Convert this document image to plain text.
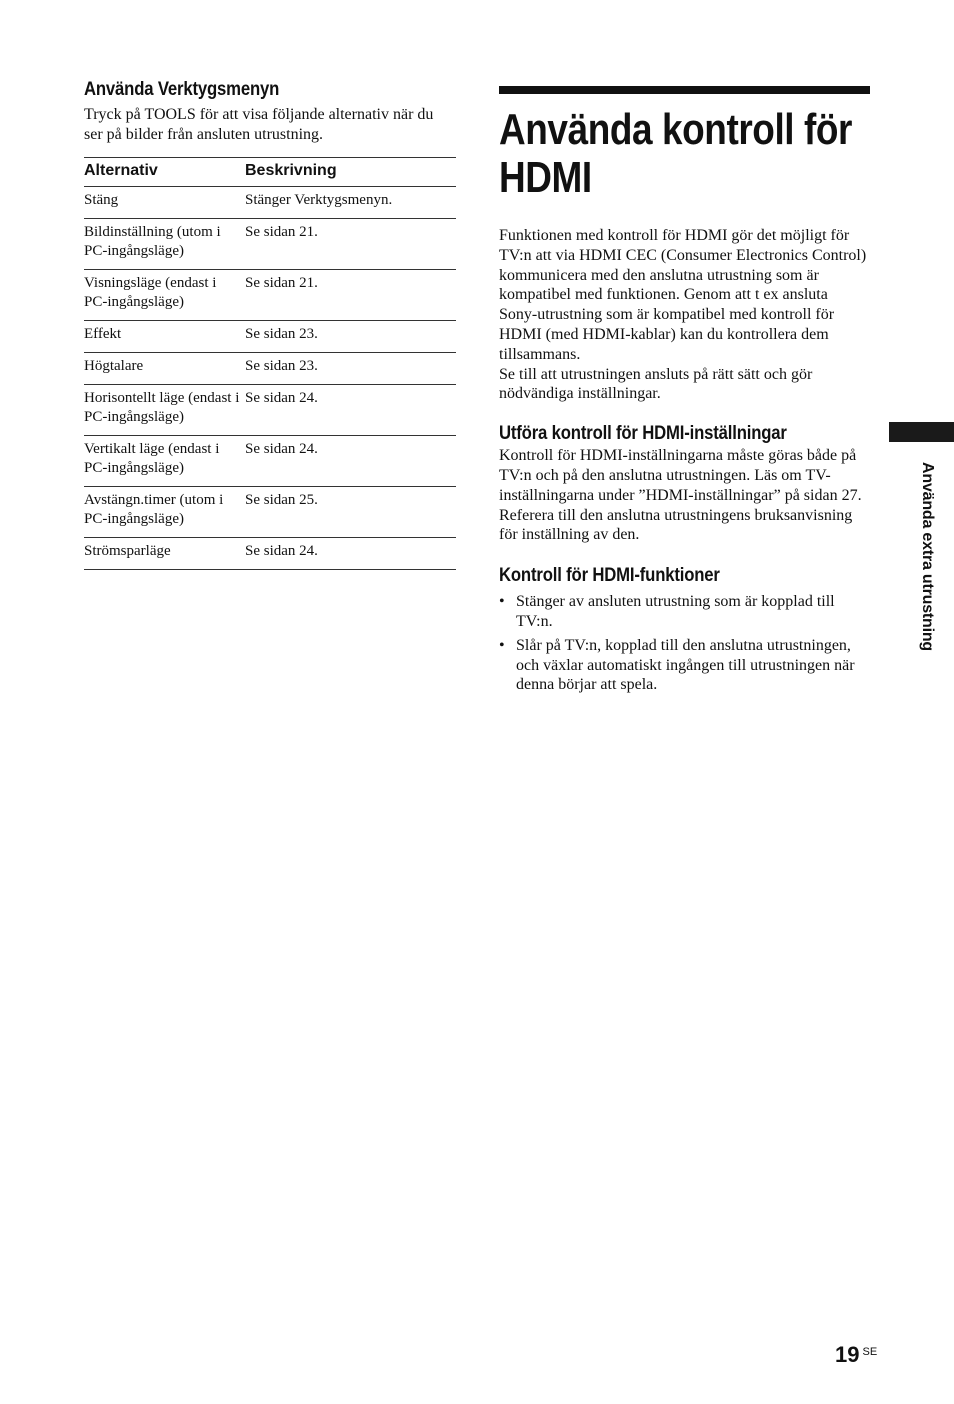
Använda Verktygsmenyn

Tryck på TOOLS för att visa följande alternativ när du ser på bilder från ansluten utrustning.

Alternativ	Beskrivning
Stäng	Stänger Verktygsmenyn.
Bildinställning (utom i PC-ingångsläge)	Se sidan 21.
Visningsläge (endast i PC-ingångsläge)	Se sidan 21.
Effekt	Se sidan 23.
Högtalare	Se sidan 23.
Horisontellt läge (endast i PC-ingångsläge)	Se sidan 24.
Vertikalt läge (endast i PC-ingångsläge)	Se sidan 24.
Avstängn.timer (utom i PC-ingångsläge)	Se sidan 25.
Strömsparläge	Se sidan 24.
Använda kontroll för
HDMI

Funktionen med kontroll för HDMI gör det möjligt för TV:n att via HDMI CEC (Consumer Electronics Control) kommunicera med den anslutna utrustning som är kompatibel med funktionen. Genom att t ex ansluta Sony-utrustning som är kompatibel med kontroll för HDMI (med HDMI-kablar) kan du kontrollera dem tillsammans.

Se till att utrustningen ansluts på rätt sätt och gör nödvändiga inställningar.

Utföra kontroll för HDMI-inställningar

Kontroll för HDMI-inställningarna måste göras både på TV:n och på den anslutna utrustningen. Läs om TV-inställningarna under ”HDMI-inställningar” på sidan 27. Referera till den anslutna utrustningens bruksanvisning för inställning av den.

Kontroll för HDMI-funktioner
• Stänger av ansluten utrustning som är kopplad till TV:n.
• Slår på TV:n, kopplad till den anslutna utrustningen, och växlar automatiskt ingången till utrustningen när denna börjar att spela.
Använda extra utrustning
19 $^{SE}$
